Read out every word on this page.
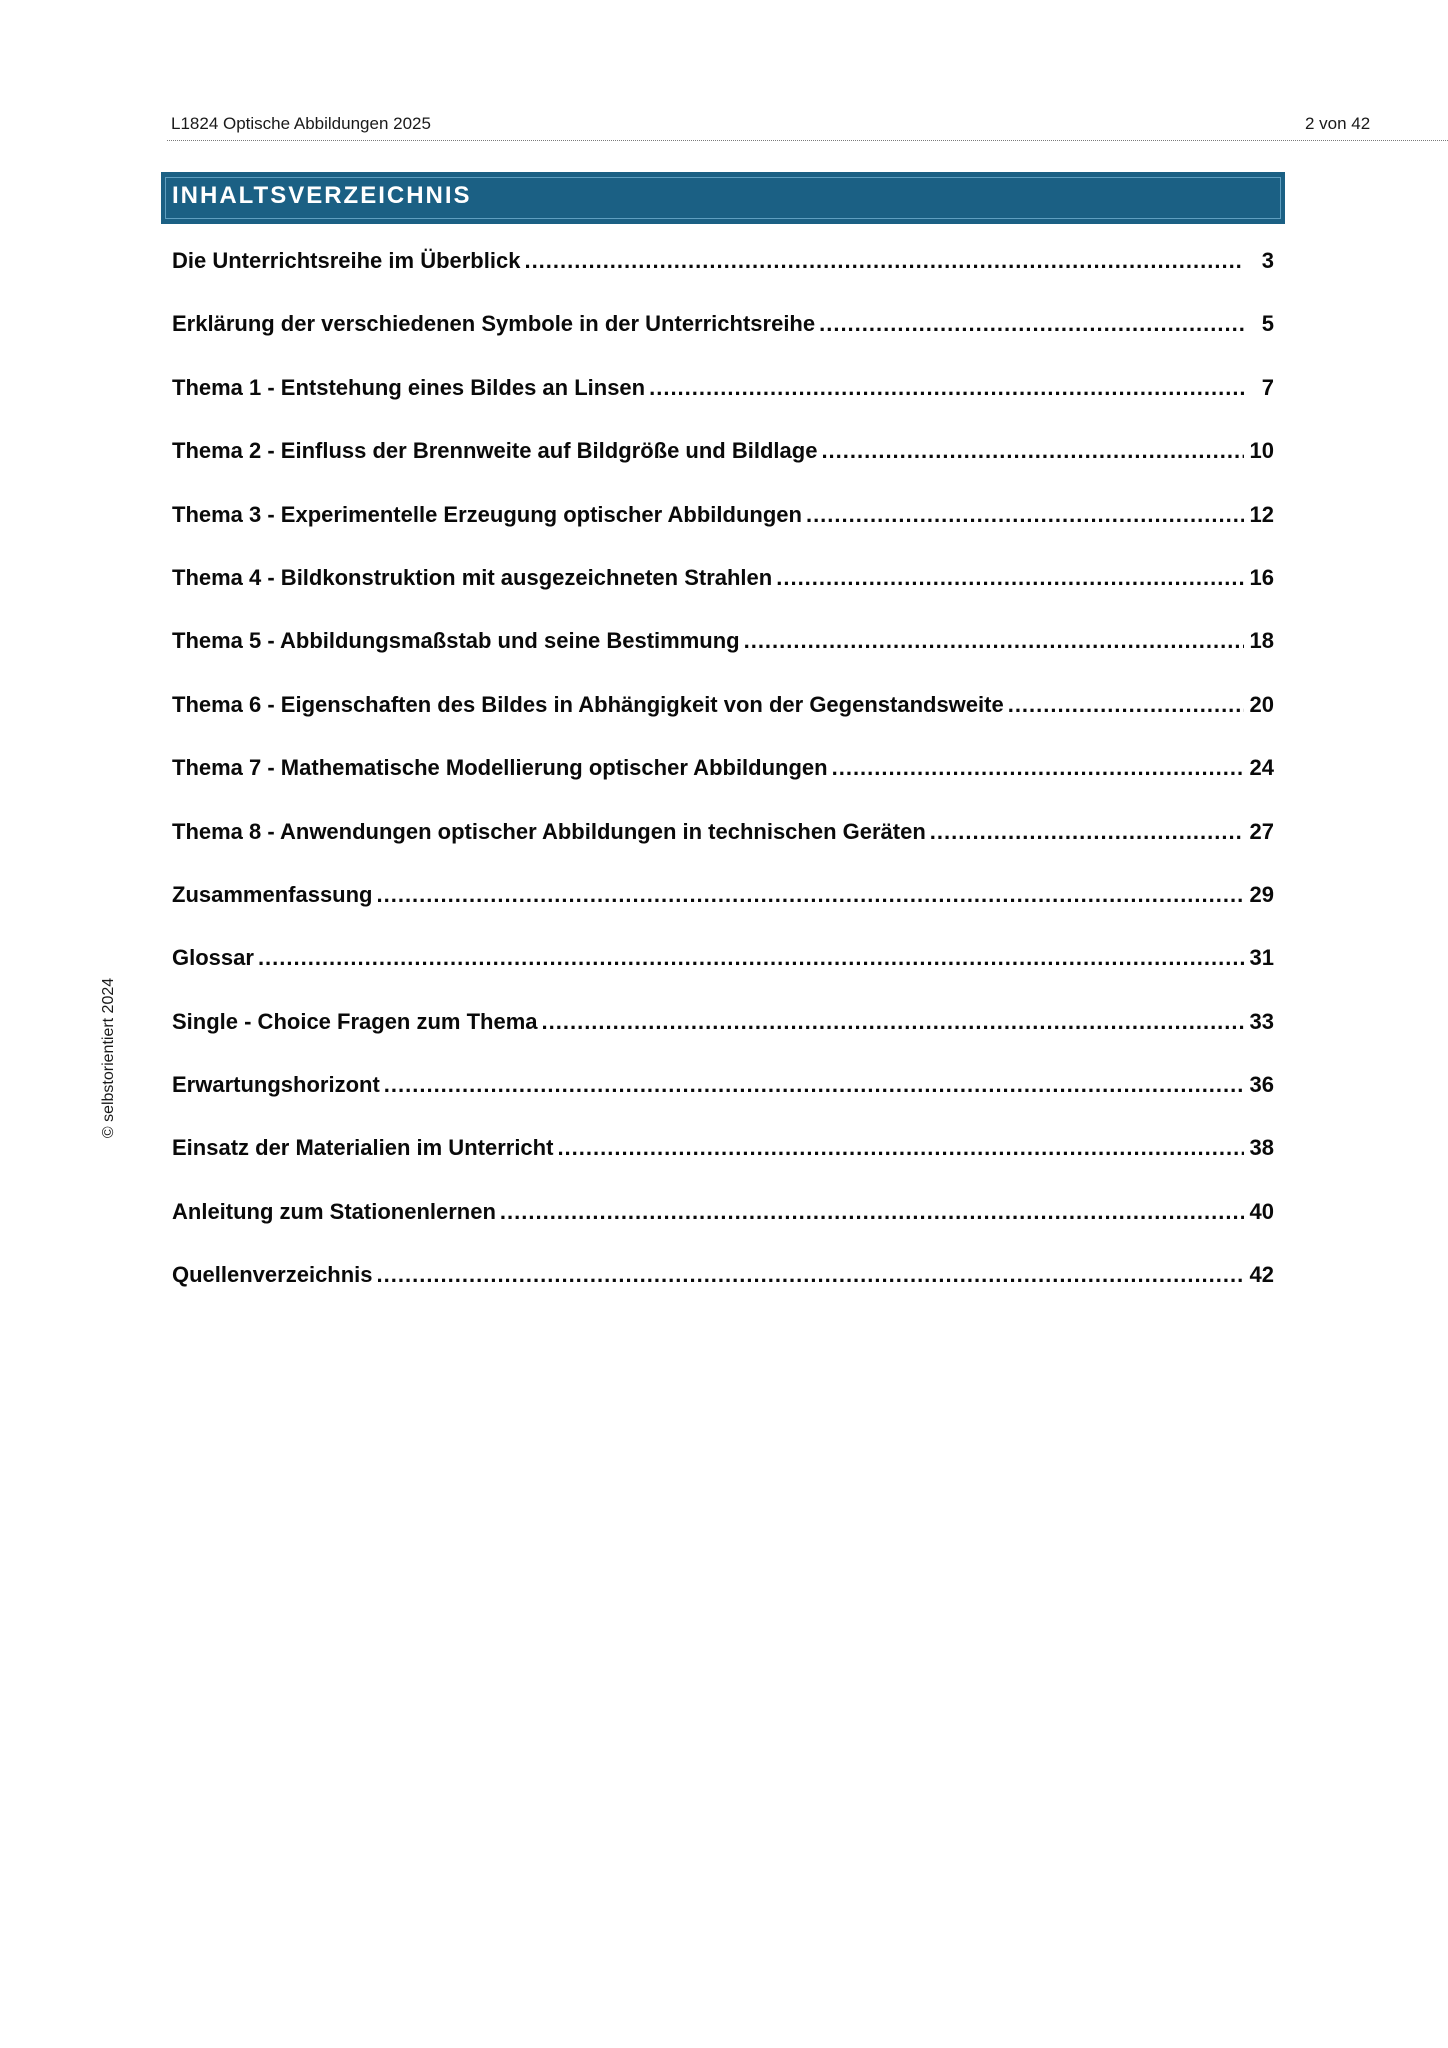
L1824 Optische Abbildungen 2025	2 von 42
INHALTSVERZEICHNIS
© selbstorientiert 2024
Die Unterrichtsreihe im Überblick .....	3
Erklärung der verschiedenen Symbole in der Unterrichtsreihe .....	5
Thema 1 - Entstehung eines Bildes an Linsen .....	7
Thema 2 - Einfluss der Brennweite auf Bildgröße und Bildlage .....	10
Thema 3 - Experimentelle Erzeugung optischer Abbildungen .....	12
Thema 4 - Bildkonstruktion mit ausgezeichneten Strahlen .....	16
Thema 5 - Abbildungsmaßstab und seine Bestimmung .....	18
Thema 6 - Eigenschaften des Bildes in Abhängigkeit von der Gegenstandsweite .....	20
Thema 7 - Mathematische Modellierung optischer Abbildungen .....	24
Thema 8 - Anwendungen optischer Abbildungen in technischen Geräten .....	27
Zusammenfassung .....	29
Glossar .....	31
Single - Choice Fragen zum Thema .....	33
Erwartungshorizont .....	36
Einsatz der Materialien im Unterricht .....	38
Anleitung zum Stationenlernen .....	40
Quellenverzeichnis .....	42
